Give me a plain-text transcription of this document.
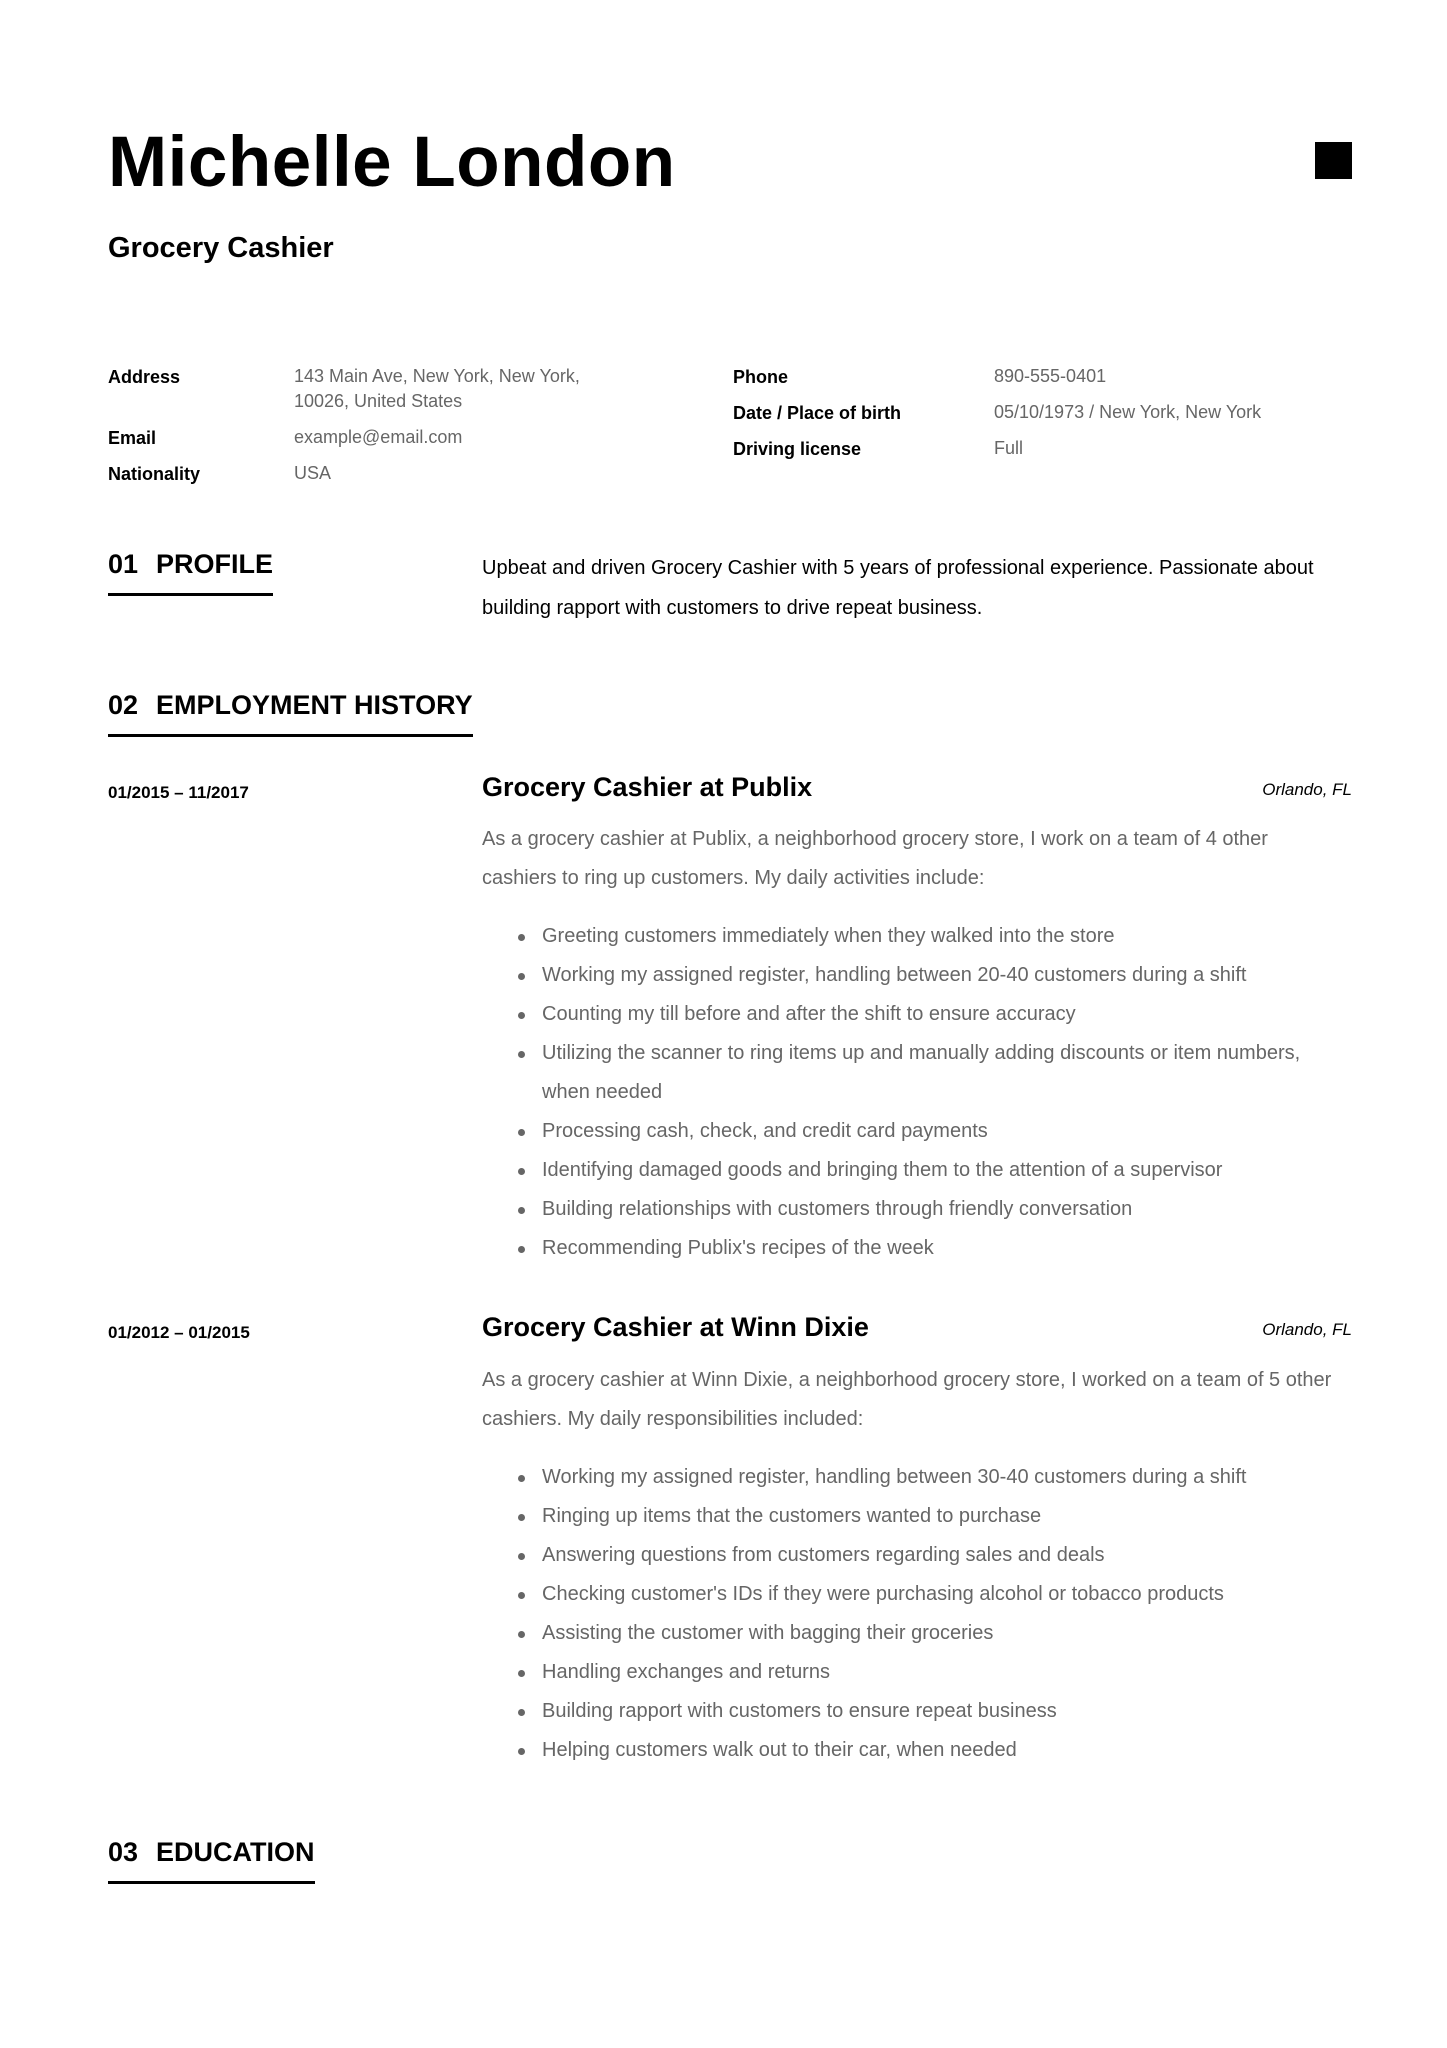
Michelle London
Grocery Cashier
Address	143 Main Ave, New York, New York,
10026, United States
Email	example@email.com
Nationality	USA
Phone	890-555-0401
Date / Place of birth	05/10/1973 / New York, New York
Driving license	Full
01 PROFILE	Upbeat and driven Grocery Cashier with 5 years of professional experience. Passionate about building rapport with customers to drive repeat business.
02 EMPLOYMENT HISTORY
01/2015 – 11/2017	Grocery Cashier at Publix	Orlando, FL
As a grocery cashier at Publix, a neighborhood grocery store, I work on a team of 4 other cashiers to ring up customers. My daily activities include:
Greeting customers immediately when they walked into the store
Working my assigned register, handling between 20-40 customers during a shift
Counting my till before and after the shift to ensure accuracy
Utilizing the scanner to ring items up and manually adding discounts or item numbers, when needed
Processing cash, check, and credit card payments
Identifying damaged goods and bringing them to the attention of a supervisor
Building relationships with customers through friendly conversation
Recommending Publix's recipes of the week
01/2012 – 01/2015	Grocery Cashier at Winn Dixie	Orlando, FL
As a grocery cashier at Winn Dixie, a neighborhood grocery store, I worked on a team of 5 other cashiers. My daily responsibilities included:
Working my assigned register, handling between 30-40 customers during a shift
Ringing up items that the customers wanted to purchase
Answering questions from customers regarding sales and deals
Checking customer's IDs if they were purchasing alcohol or tobacco products
Assisting the customer with bagging their groceries
Handling exchanges and returns
Building rapport with customers to ensure repeat business
Helping customers walk out to their car, when needed
03 EDUCATION
